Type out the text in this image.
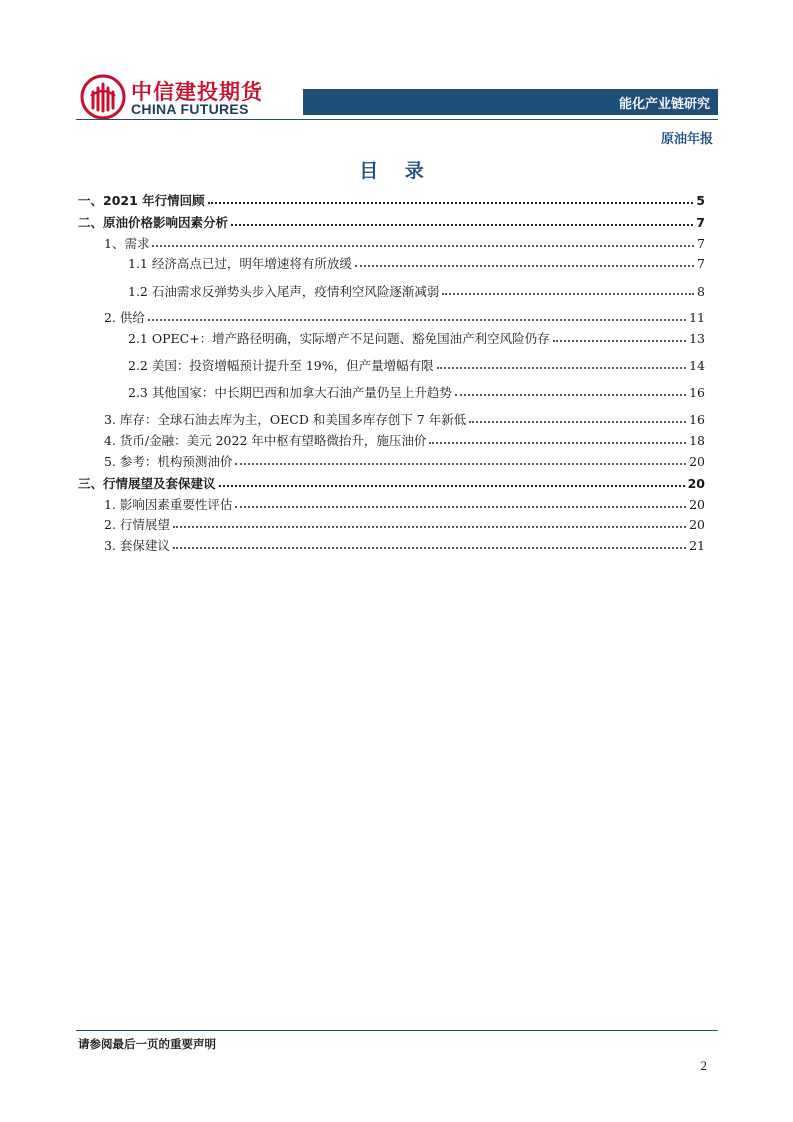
中信建投期货
CHINA FUTURES	能化产业链研究
原油年报
目 录
一、2021 年行情回顾	5
二、原油价格影响因素分析	7
1、需求	7
1.1 经济高点已过，明年增速将有所放缓	7
1.2 石油需求反弹势头步入尾声，疫情利空风险逐渐减弱	8
2. 供给	11
2.1 OPEC+：增产路径明确，实际增产不足问题、豁免国油产利空风险仍存	13
2.2 美国：投资增幅预计提升至 19%，但产量增幅有限	14
2.3 其他国家：中长期巴西和加拿大石油产量仍呈上升趋势	16
3. 库存：全球石油去库为主，OECD 和美国多库存创下 7 年新低	16
4. 货币/金融：美元 2022 年中枢有望略微抬升，施压油价	18
5. 参考：机构预测油价	20
三、行情展望及套保建议	20
1. 影响因素重要性评估	20
2. 行情展望	20
3. 套保建议	21
请参阅最后一页的重要声明
2
